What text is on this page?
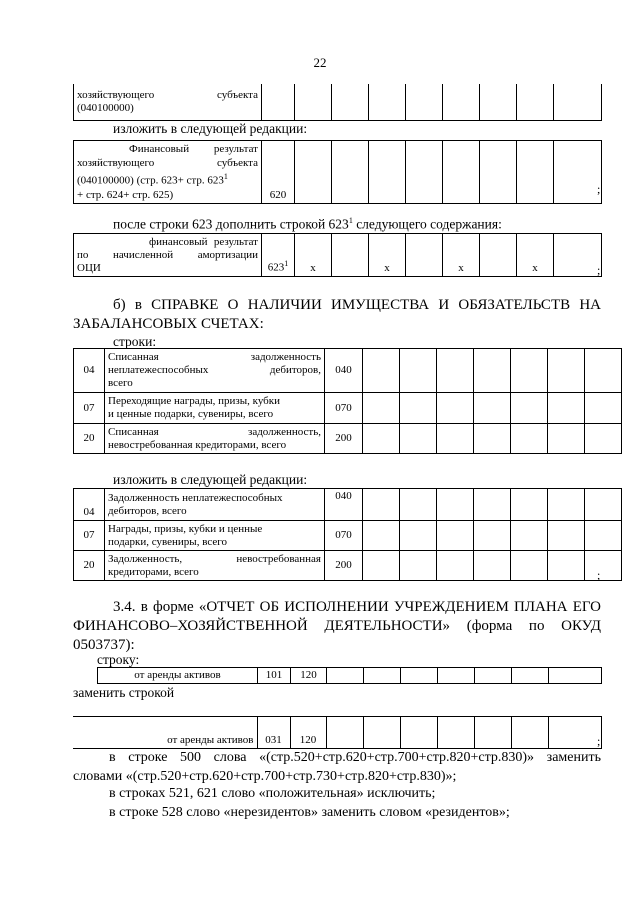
22
хозяйствующего	субъекта
(040100000)

изложить в следующей редакции:
Финансовый результат
хозяйствующего	субъекта
(040100000) (стр. 623+ стр. $623^1$
+ стр. 624+ стр. 625)	620									;
после строки 623 дополнить строкой $623^1$ следующего содержания:
финансовый результат
по начисленной амортизации
ОЦИ	$623^1$	x		x		x		x		;
б) в СПРАВКЕ О НАЛИЧИИ ИМУЩЕСТВА И ОБЯЗАТЕЛЬСТВ НА ЗАБАЛАНСОВЫХ СЧЕТАХ:
строки:
04	Списанная задолженность
неплатежеспособных дебиторов,
всего	040							
07	Переходящие награды, призы, кубки
и ценные подарки, сувениры, всего	070							
20	Списанная задолженность,
невостребованная кредиторами, всего	200							
изложить в следующей редакции:
04	Задолженность неплатежеспособных
дебиторов, всего	040							
07	Награды, призы, кубки и ценные
подарки, сувениры, всего	070							
20	Задолженность, невостребованная
кредиторами, всего	200							
;
3.4. в форме «ОТЧЕТ ОБ ИСПОЛНЕНИИ УЧРЕЖДЕНИЕМ ПЛАНА ЕГО ФИНАНСОВО–ХОЗЯЙСТВЕННОЙ ДЕЯТЕЛЬНОСТИ» (форма по ОКУД 0503737):
строку:
от аренды активов	101	120							
заменить строкой
от аренды активов	031	120								;
в строке 500 слова «(стр.520+стр.620+стр.700+стр.820+стр.830)» заменить словами «(стр.520+стр.620+стр.700+стр.730+стр.820+стр.830)»;
в строках 521, 621 слово «положительная» исключить;
в строке 528 слово «нерезидентов» заменить словом «резидентов»;
